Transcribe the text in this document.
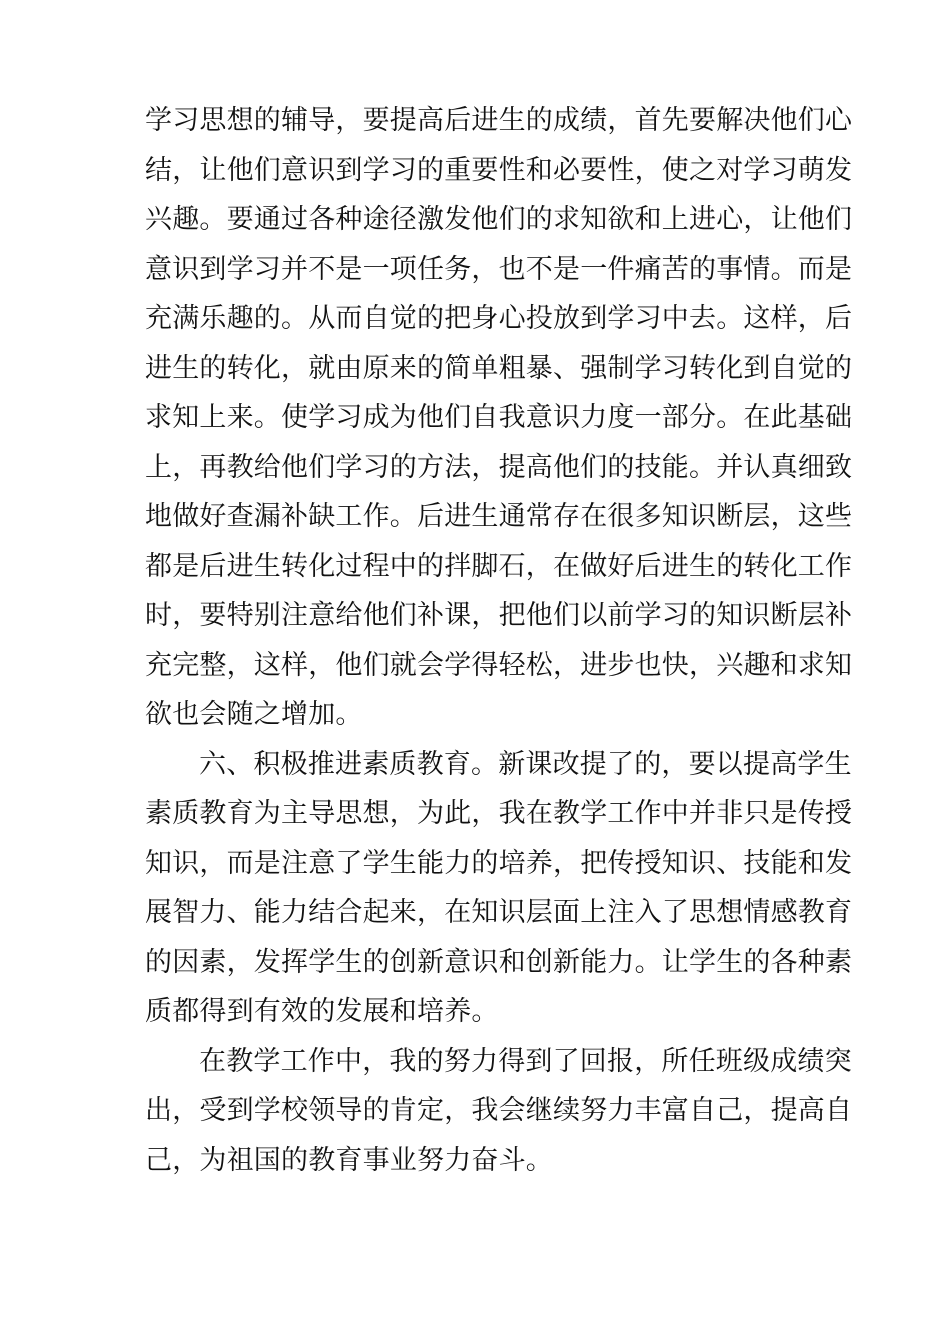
学习思想的辅导，要提高后进生的成绩，首先要解决他们心
结，让他们意识到学习的重要性和必要性，使之对学习萌发
兴趣。要通过各种途径激发他们的求知欲和上进心，让他们
意识到学习并不是一项任务，也不是一件痛苦的事情。而是
充满乐趣的。从而自觉的把身心投放到学习中去。这样，后
进生的转化，就由原来的简单粗暴、强制学习转化到自觉的
求知上来。使学习成为他们自我意识力度一部分。在此基础
上，再教给他们学习的方法，提高他们的技能。并认真细致
地做好查漏补缺工作。后进生通常存在很多知识断层，这些
都是后进生转化过程中的拌脚石，在做好后进生的转化工作
时，要特别注意给他们补课，把他们以前学习的知识断层补
充完整，这样，他们就会学得轻松，进步也快，兴趣和求知
欲也会随之增加。
六、积极推进素质教育。新课改提了的，要以提高学生
素质教育为主导思想，为此，我在教学工作中并非只是传授
知识，而是注意了学生能力的培养，把传授知识、技能和发
展智力、能力结合起来，在知识层面上注入了思想情感教育
的因素，发挥学生的创新意识和创新能力。让学生的各种素
质都得到有效的发展和培养。
在教学工作中，我的努力得到了回报，所任班级成绩突
出，受到学校领导的肯定，我会继续努力丰富自己，提高自
己，为祖国的教育事业努力奋斗。
